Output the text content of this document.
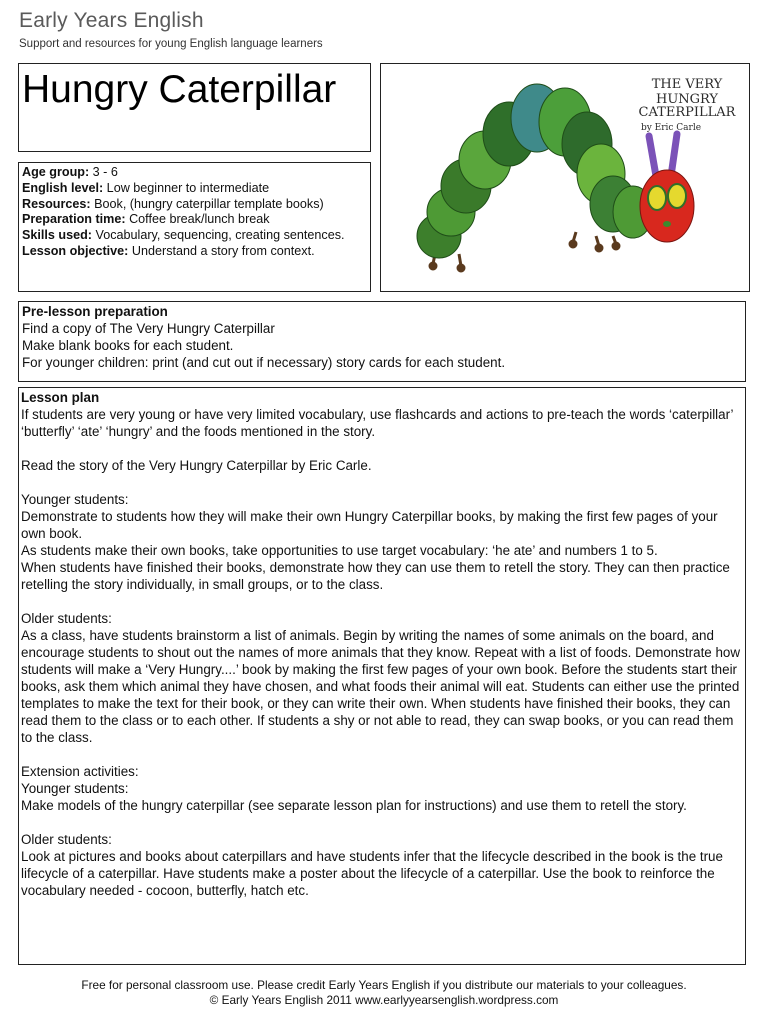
Early Years English
Support and resources for young English language learners
Hungry Caterpillar
Age group: 3 - 6
English level: Low beginner to intermediate
Resources: Book, (hungry caterpillar template books)
Preparation time: Coffee break/lunch break
Skills used: Vocabulary, sequencing, creating sentences.
Lesson objective: Understand a story from context.
THE VERY
HUNGRY
CATERPILLAR
by Eric Carle
Pre-lesson preparation
Find a copy of The Very Hungry Caterpillar
Make blank books for each student.
For younger children: print (and cut out if necessary) story cards for each student.
Lesson plan
If students are very young or have very limited vocabulary, use flashcards and actions to pre-teach the words ‘caterpillar’ ‘butterfly’ ‘ate’ ‘hungry’ and the foods mentioned in the story.
Read the story of the Very Hungry Caterpillar by Eric Carle.
Younger students:
Demonstrate to students how they will make their own Hungry Caterpillar books, by making the first few pages of your own book.
As students make their own books, take opportunities to use target vocabulary: ‘he ate’ and numbers 1 to 5.
When students have finished their books, demonstrate how they can use them to retell the story. They can then practice retelling the story individually, in small groups, or to the class.
Older students:
As a class, have students brainstorm a list of animals. Begin by writing the names of some animals on the board, and encourage students to shout out the names of more animals that they know. Repeat with a list of foods. Demonstrate how students will make a ‘Very Hungry....’ book by making the first few pages of your own book. Before the students start their books, ask them which animal they have chosen, and what foods their animal will eat. Students can either use the printed templates to make the text for their book, or they can write their own. When students have finished their books, they can read them to the class or to each other. If students a shy or not able to read, they can swap books, or you can read them to the class.
Extension activities:
Younger students:
Make models of the hungry caterpillar (see separate lesson plan for instructions) and use them to retell the story.
Older students:
Look at pictures and books about caterpillars and have students infer that the lifecycle described in the book is the true lifecycle of a caterpillar. Have students make a poster about the lifecycle of a caterpillar. Use the book to reinforce the vocabulary needed - cocoon, butterfly, hatch etc.
Free for personal classroom use. Please credit Early Years English if you distribute our materials to your colleagues.
© Early Years English 2011 www.earlyyearsenglish.wordpress.com
